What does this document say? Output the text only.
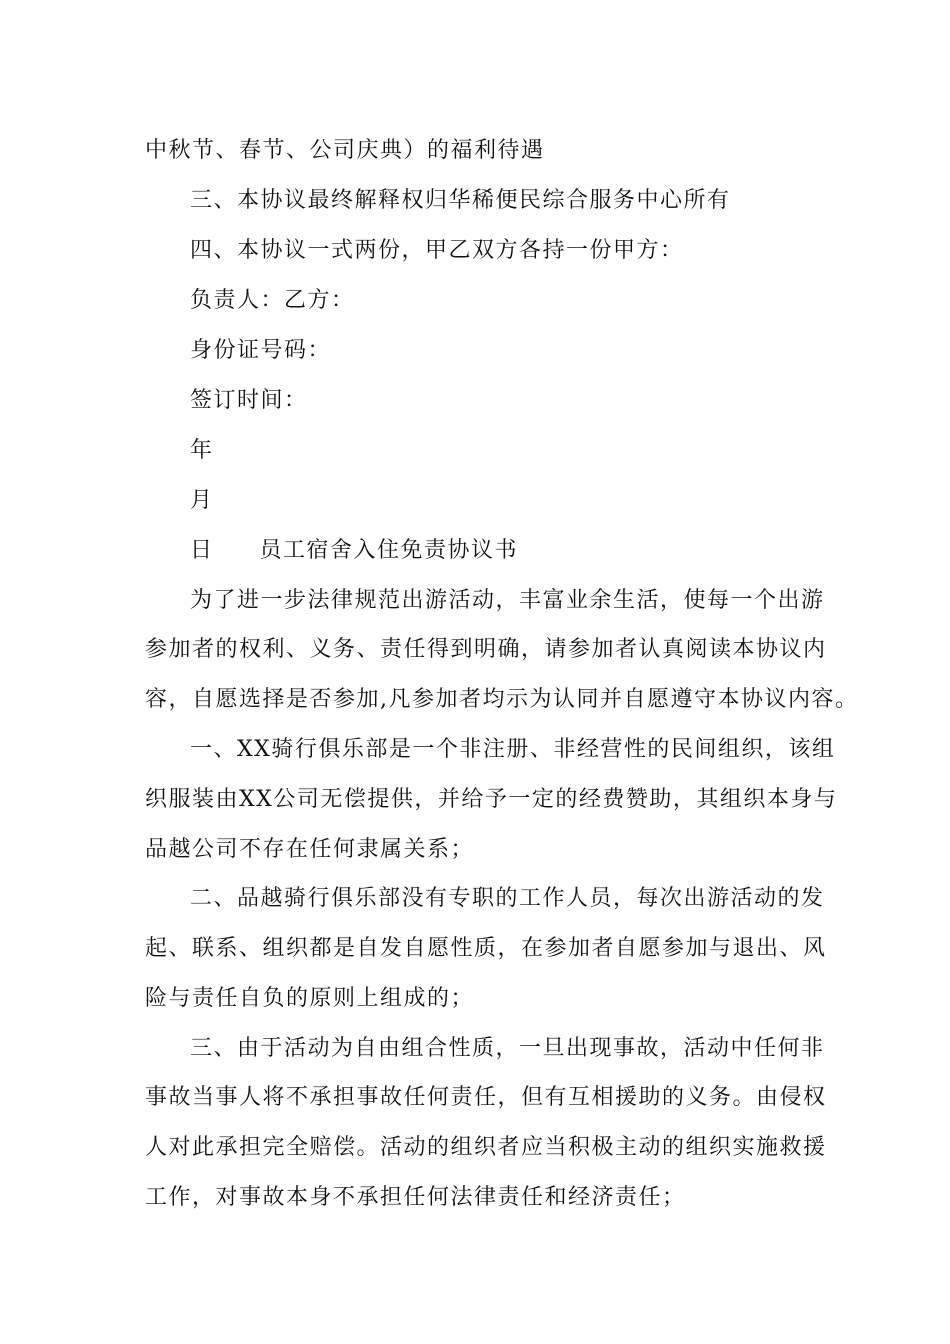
中秋节、春节、公司庆典）的福利待遇
三、本协议最终解释权归华稀便民综合服务中心所有
四、本协议一式两份，甲乙双方各持一份甲方：
负责人：乙方：
身份证号码：
签订时间：
年
月
日 员工宿舍入住免责协议书
为了进一步法律规范出游活动，丰富业余生活，使每一个出游
参加者的权利、义务、责任得到明确，请参加者认真阅读本协议内
容，自愿选择是否参加,凡参加者均示为认同并自愿遵守本协议内容。
一、XX骑行俱乐部是一个非注册、非经营性的民间组织，该组
织服装由XX公司无偿提供，并给予一定的经费赞助，其组织本身与
品越公司不存在任何隶属关系；
二、品越骑行俱乐部没有专职的工作人员，每次出游活动的发
起、联系、组织都是自发自愿性质，在参加者自愿参加与退出、风
险与责任自负的原则上组成的；
三、由于活动为自由组合性质，一旦出现事故，活动中任何非
事故当事人将不承担事故任何责任，但有互相援助的义务。由侵权
人对此承担完全赔偿。活动的组织者应当积极主动的组织实施救援
工作，对事故本身不承担任何法律责任和经济责任；
